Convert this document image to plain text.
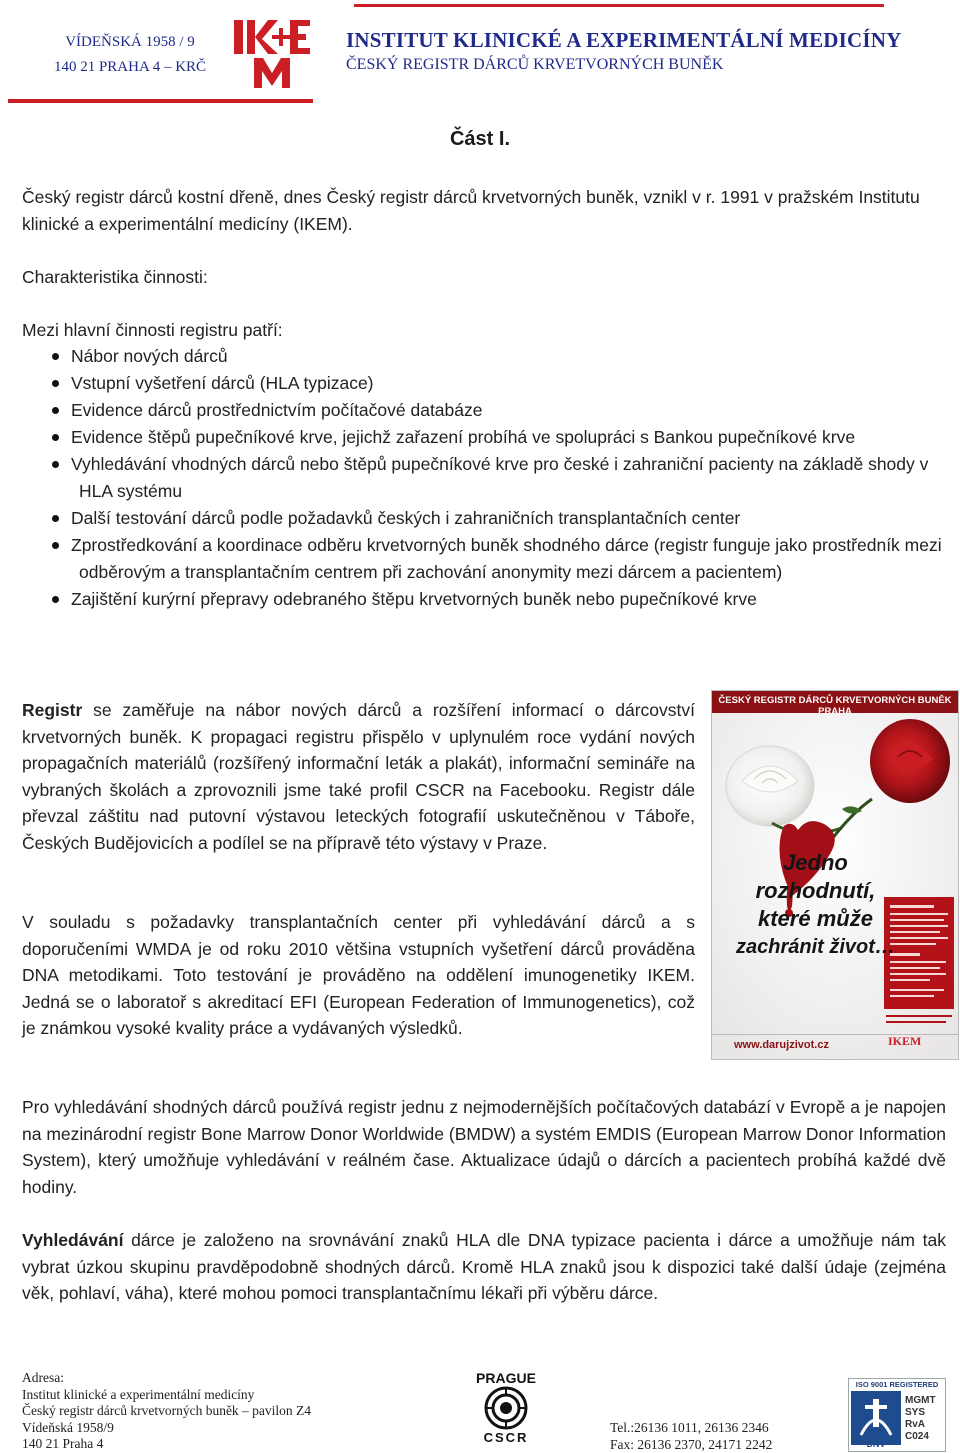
VÍDEŇSKÁ 1958 / 9
140 21 PRAHA 4 – KRČ
INSTITUT KLINICKÉ A EXPERIMENTÁLNÍ MEDICÍNY
ČESKÝ REGISTR DÁRCŮ KRVETVORNÝCH BUNĚK
Část I.
Český registr dárců kostní dřeně, dnes Český registr dárců krvetvorných buněk, vznikl v r. 1991 v pražském Institutu klinické a experimentální medicíny (IKEM).
Charakteristika činnosti:
Mezi hlavní činnosti registru patří:
Nábor nových dárců
Vstupní vyšetření dárců (HLA typizace)
Evidence dárců prostřednictvím počítačové databáze
Evidence štěpů pupečníkové krve, jejichž zařazení probíhá ve spolupráci s Bankou pupečníkové krve
Vyhledávání vhodných dárců nebo štěpů pupečníkové krve pro české i zahraniční pacienty na základě shody v HLA systému
Další testování dárců podle požadavků českých i zahraničních transplantačních center
Zprostředkování a koordinace odběru krvetvorných buněk shodného dárce (registr funguje jako prostředník mezi odběrovým a transplantačním centrem při zachování anonymity mezi dárcem a pacientem)
Zajištění kurýrní přepravy odebraného štěpu krvetvorných buněk nebo pupečníkové krve
Registr se zaměřuje na nábor nových dárců a rozšíření informací o dárcovství krvetvorných buněk. K propagaci registru přispělo v uplynulém roce vydání nových propagačních materiálů (rozšířený informační leták a plakát), informační semináře na vybraných školách a zprovoznili jsme také profil CSCR na Facebooku. Registr dále převzal záštitu nad putovní výstavou leteckých fotografií uskutečněnou v Táboře, Českých Budějovicích a podílel se na přípravě této výstavy v Praze.
V souladu s požadavky transplantačních center při vyhledávání dárců a s doporučeními WMDA je od roku 2010 většina vstupních vyšetření dárců prováděna DNA metodikami. Toto testování je prováděno na oddělení imunogenetiky IKEM. Jedná se o laboratoř s akreditací EFI (European Federation of Immunogenetics), což je známkou vysoké kvality práce a vydávaných výsledků.
ČESKÝ REGISTR DÁRCŮ KRVETVORNÝCH BUNĚK PRAHA
Jedno
rozhodnutí,
které může
zachránit život…
www.darujzivot.cz	IKEM
Pro vyhledávání shodných dárců používá registr jednu z nejmodernějších počítačových databází v Evropě a je napojen na mezinárodní registr Bone Marrow Donor Worldwide (BMDW) a systém EMDIS (European Marrow Donor Information System), který umožňuje vyhledávání v reálném čase. Aktualizace údajů o dárcích a pacientech probíhá každé dvě hodiny.
Vyhledávání dárce je založeno na srovnávání znaků HLA dle DNA typizace pacienta i dárce a umožňuje nám tak vybrat úzkou skupinu pravděpodobně shodných dárců. Kromě HLA znaků jsou k dispozici také další údaje (zejména věk, pohlaví, váha), které mohou pomoci transplantačnímu lékaři při výběru dárce.
Adresa:
Institut klinické a experimentální medicíny
Český registr dárců krvetvorných buněk – pavilon Z4
Vídeňská 1958/9
140 21 Praha 4
PRAGUE
CSCR
Tel.:26136 1011, 26136 2346
Fax: 26136 2370, 24171 2242
ISO 9001 REGISTERED
DNV
MGMT SYS RvA C024
